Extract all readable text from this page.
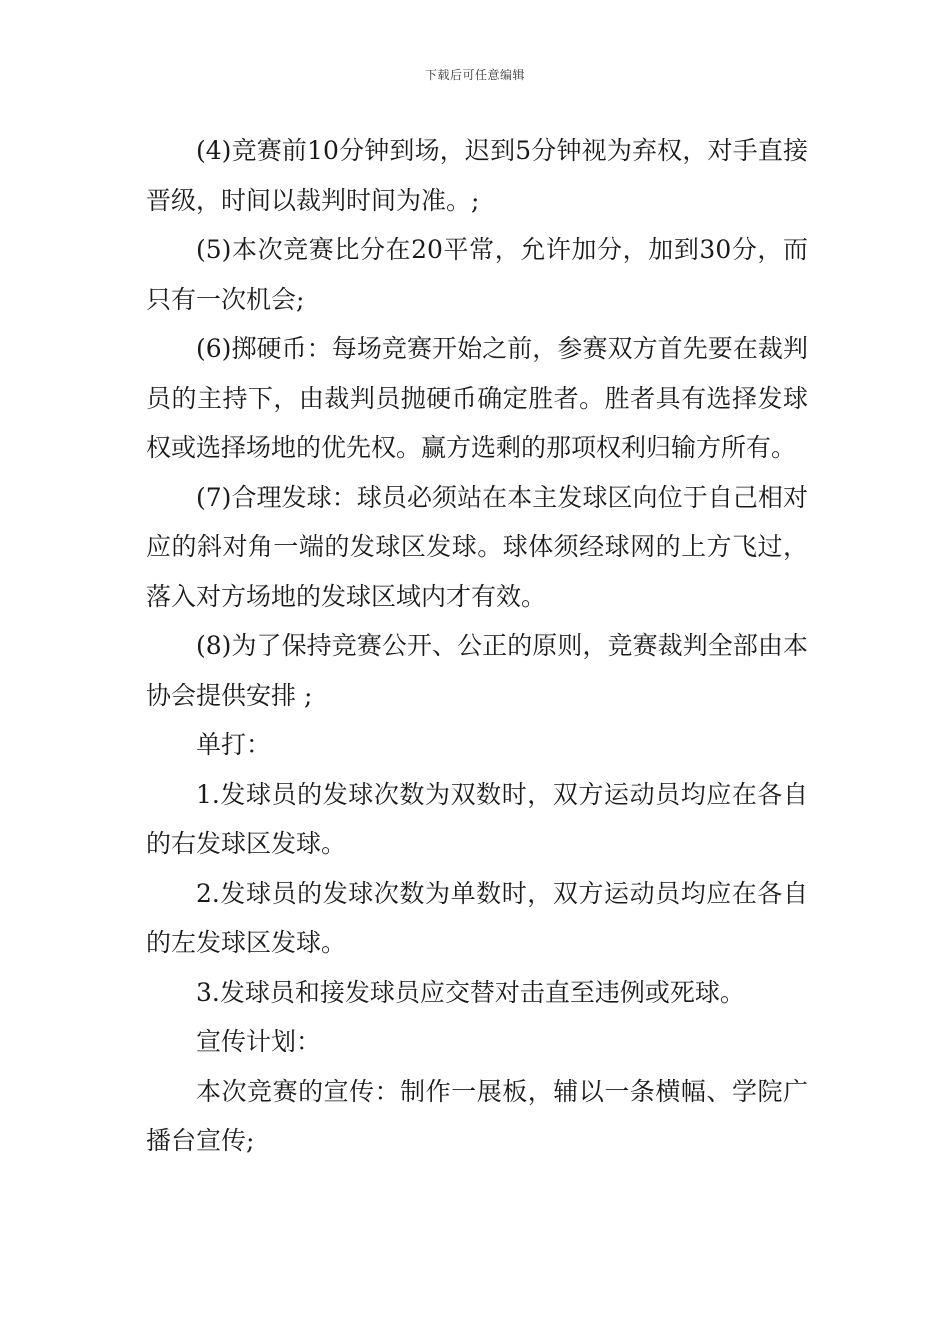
下载后可任意编辑

(4)竞赛前10分钟到场，迟到5分钟视为弃权，对手直接晋级，时间以裁判时间为准。;

(5)本次竞赛比分在20平常，允许加分，加到30分，而只有一次机会;

(6)掷硬币：每场竞赛开始之前，参赛双方首先要在裁判员的主持下，由裁判员抛硬币确定胜者。胜者具有选择发球权或选择场地的优先权。赢方选剩的那项权利归输方所有。

(7)合理发球：球员必须站在本主发球区向位于自己相对应的斜对角一端的发球区发球。球体须经球网的上方飞过，落入对方场地的发球区域内才有效。

(8)为了保持竞赛公开、公正的原则，竞赛裁判全部由本协会提供安排 ;

单打：

1.发球员的发球次数为双数时，双方运动员均应在各自的右发球区发球。

2.发球员的发球次数为单数时，双方运动员均应在各自的左发球区发球。

3.发球员和接发球员应交替对击直至违例或死球。

宣传计划：

本次竞赛的宣传：制作一展板，辅以一条横幅、学院广播台宣传;
